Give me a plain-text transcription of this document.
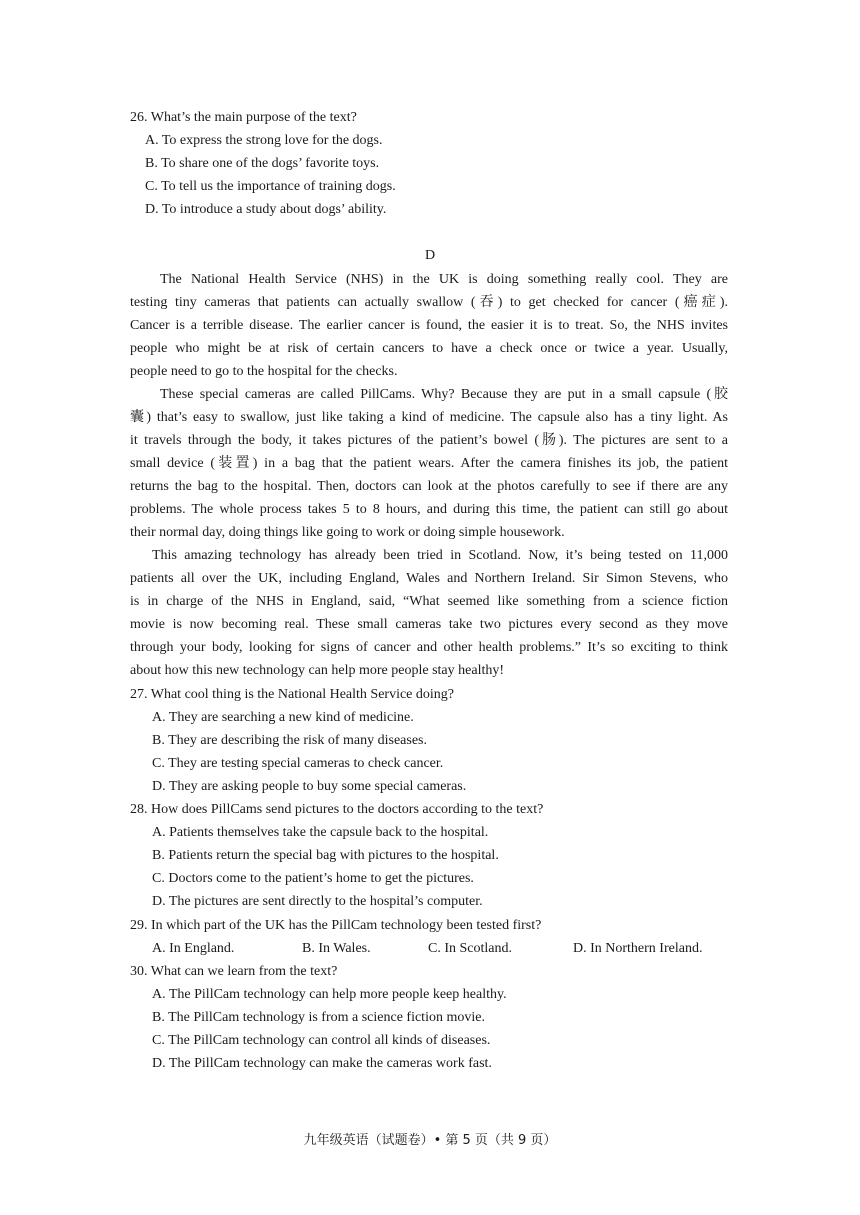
26. What’s the main purpose of the text?
A. To express the strong love for the dogs.
B. To share one of the dogs’ favorite toys.
C. To tell us the importance of training dogs.
D. To introduce a study about dogs’ ability.
D
The National Health Service (NHS) in the UK is doing something really cool. They are
testing tiny cameras that patients can actually swallow (吞) to get checked for cancer (癌症).
Cancer is a terrible disease. The earlier cancer is found, the easier it is to treat. So, the NHS invites
people who might be at risk of certain cancers to have a check once or twice a year. Usually,
people need to go to the hospital for the checks.
These special cameras are called PillCams. Why? Because they are put in a small capsule (胶
囊) that’s easy to swallow, just like taking a kind of medicine. The capsule also has a tiny light. As
it travels through the body, it takes pictures of the patient’s bowel (肠). The pictures are sent to a
small device (装置) in a bag that the patient wears. After the camera finishes its job, the patient
returns the bag to the hospital. Then, doctors can look at the photos carefully to see if there are any
problems. The whole process takes 5 to 8 hours, and during this time, the patient can still go about
their normal day, doing things like going to work or doing simple housework.
This amazing technology has already been tried in Scotland. Now, it’s being tested on 11,000
patients all over the UK, including England, Wales and Northern Ireland. Sir Simon Stevens, who
is in charge of the NHS in England, said, “What seemed like something from a science fiction
movie is now becoming real. These small cameras take two pictures every second as they move
through your body, looking for signs of cancer and other health problems.” It’s so exciting to think
about how this new technology can help more people stay healthy!
27. What cool thing is the National Health Service doing?
A. They are searching a new kind of medicine.
B. They are describing the risk of many diseases.
C. They are testing special cameras to check cancer.
D. They are asking people to buy some special cameras.
28. How does PillCams send pictures to the doctors according to the text?
A. Patients themselves take the capsule back to the hospital.
B. Patients return the special bag with pictures to the hospital.
C. Doctors come to the patient’s home to get the pictures.
D. The pictures are sent directly to the hospital’s computer.
29. In which part of the UK has the PillCam technology been tested first?
A. In England.	B. In Wales.	C. In Scotland.	D. In Northern Ireland.
30. What can we learn from the text?
A. The PillCam technology can help more people keep healthy.
B. The PillCam technology is from a science fiction movie.
C. The PillCam technology can control all kinds of diseases.
D. The PillCam technology can make the cameras work fast.
九年级英语（试题卷）• 第 5 页（共 9 页）
